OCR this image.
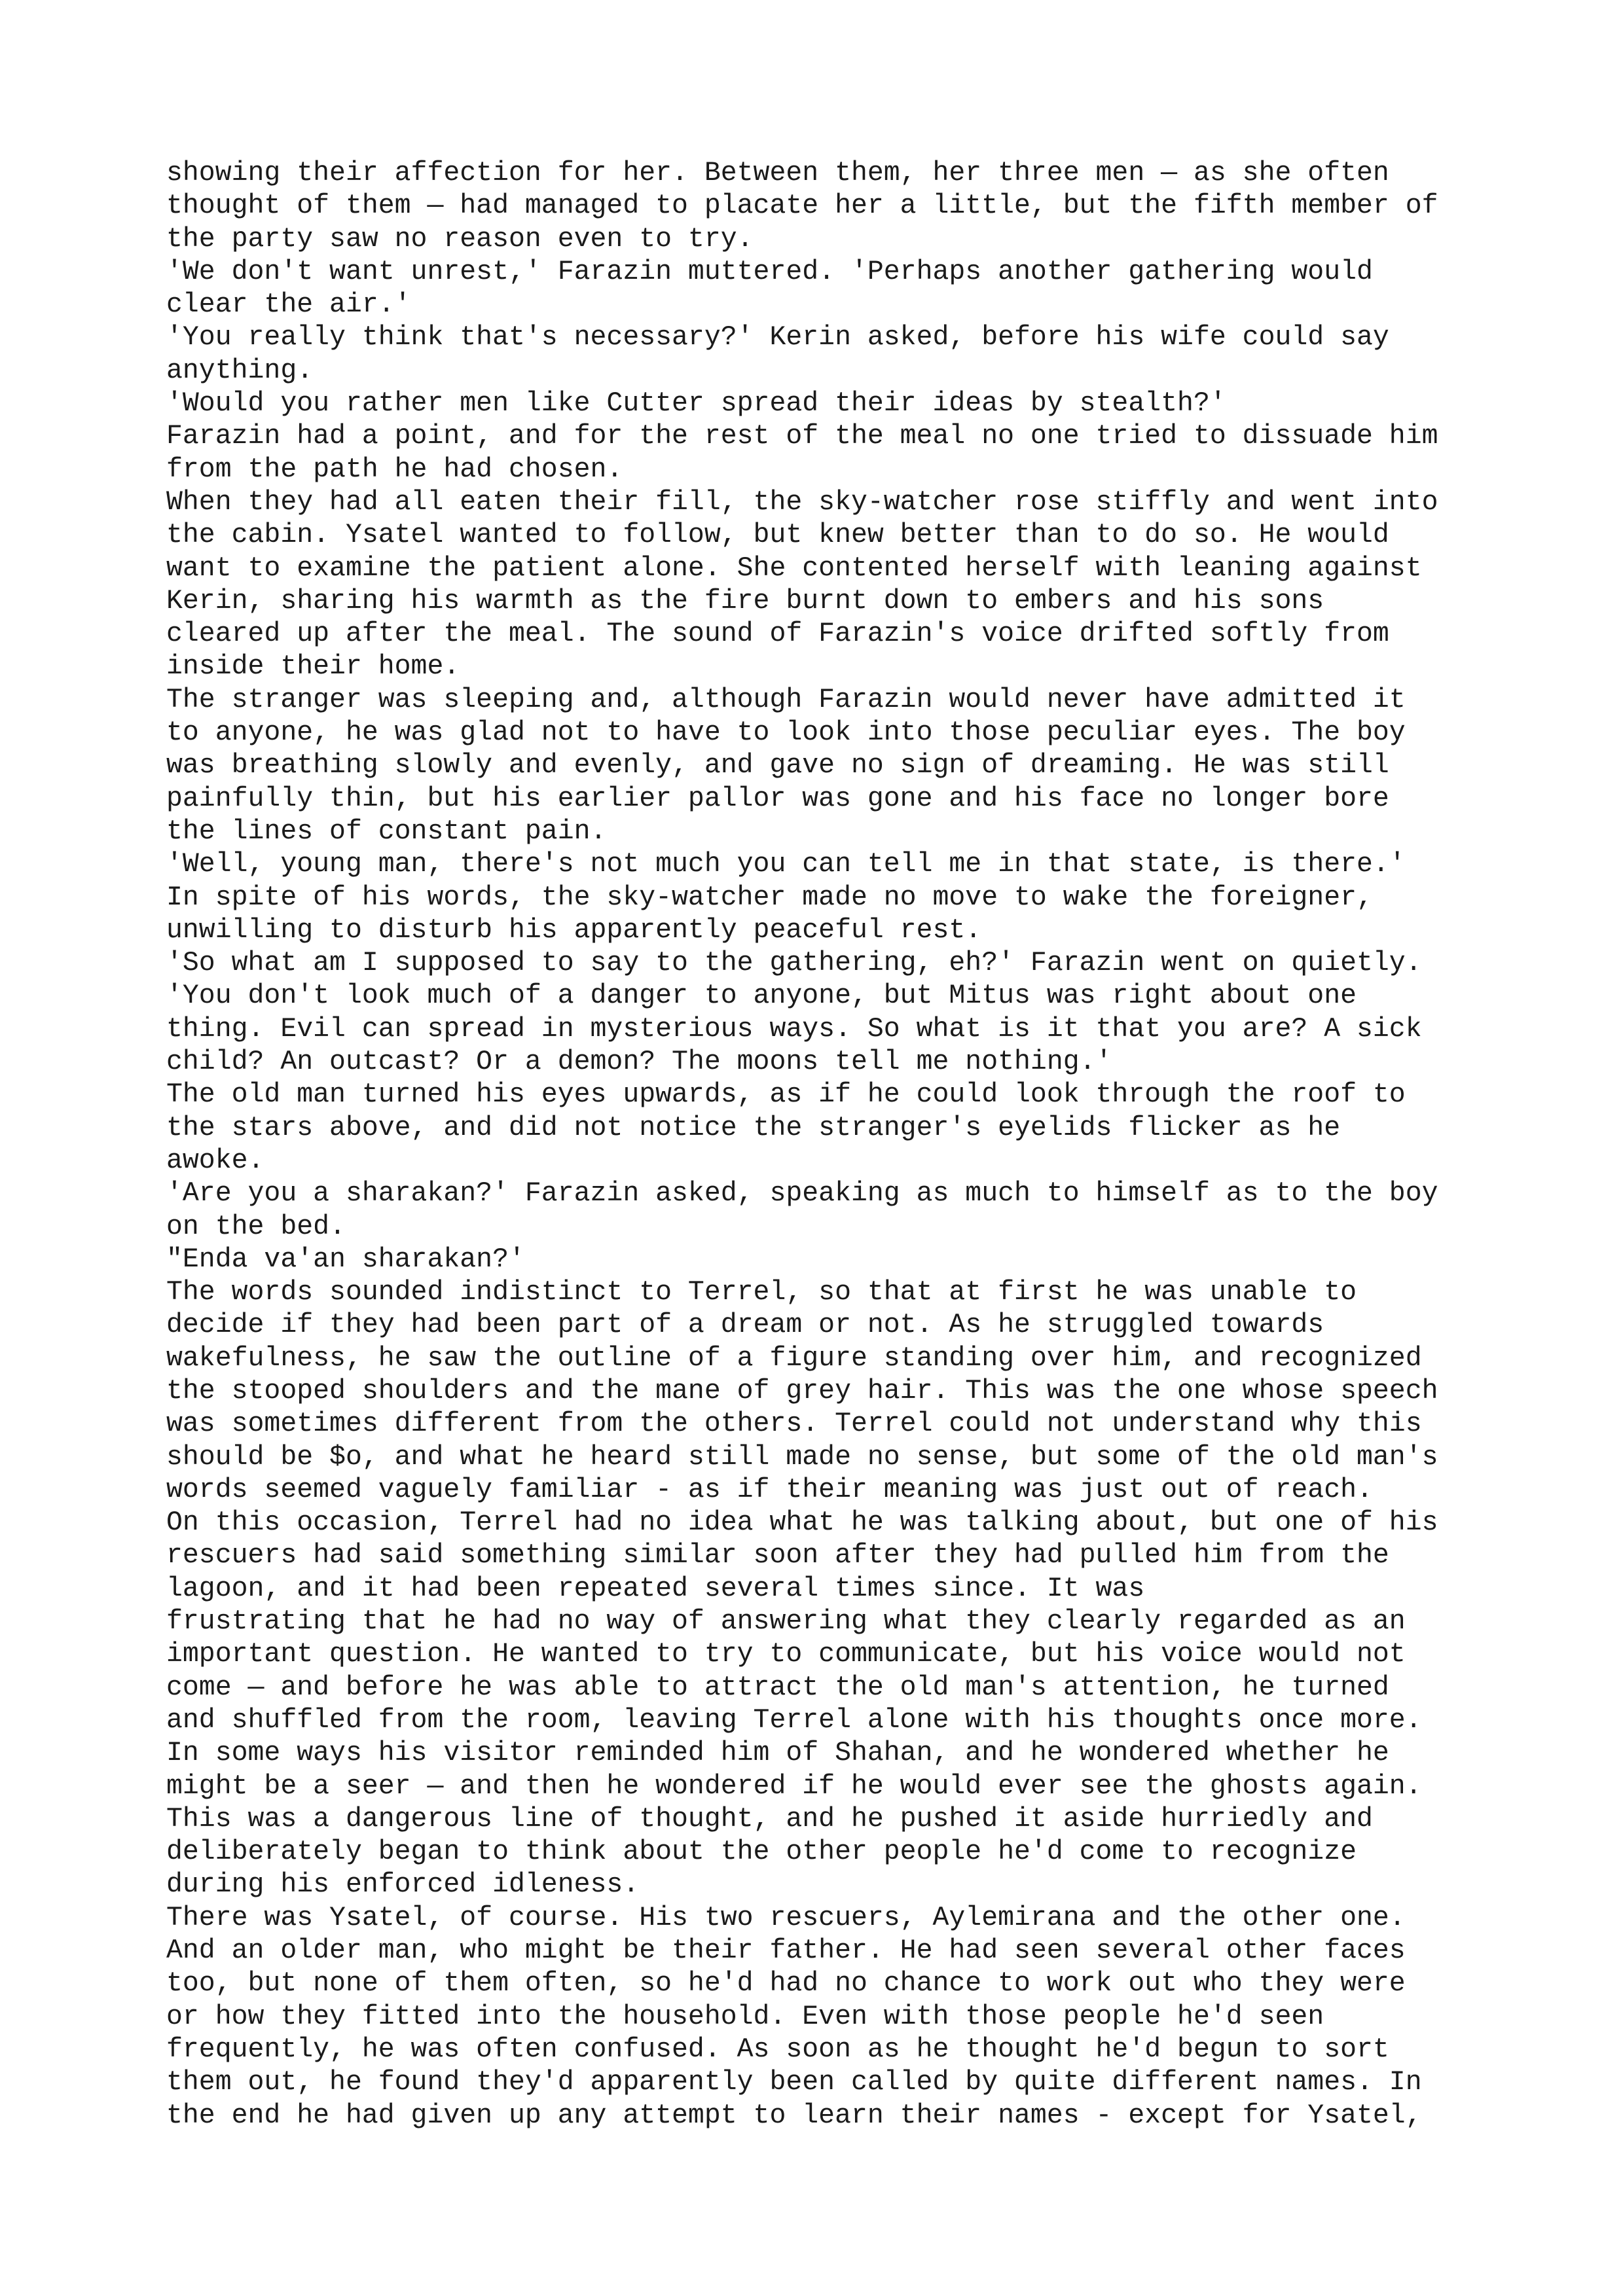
showing their affection for her. Between them, her three men — as she often
thought of them — had managed to placate her a little, but the fifth member of
the party saw no reason even to try.
'We don't want unrest,' Farazin muttered. 'Perhaps another gathering would
clear the air.'
'You really think that's necessary?' Kerin asked, before his wife could say
anything.
'Would you rather men like Cutter spread their ideas by stealth?'
Farazin had a point, and for the rest of the meal no one tried to dissuade him
from the path he had chosen.
When they had all eaten their fill, the sky-watcher rose stiffly and went into
the cabin. Ysatel wanted to follow, but knew better than to do so. He would
want to examine the patient alone. She contented herself with leaning against
Kerin, sharing his warmth as the fire burnt down to embers and his sons
cleared up after the meal. The sound of Farazin's voice drifted softly from
inside their home.
The stranger was sleeping and, although Farazin would never have admitted it
to anyone, he was glad not to have to look into those peculiar eyes. The boy
was breathing slowly and evenly, and gave no sign of dreaming. He was still
painfully thin, but his earlier pallor was gone and his face no longer bore
the lines of constant pain.
'Well, young man, there's not much you can tell me in that state, is there.'
In spite of his words, the sky-watcher made no move to wake the foreigner,
unwilling to disturb his apparently peaceful rest.
'So what am I supposed to say to the gathering, eh?' Farazin went on quietly.
'You don't look much of a danger to anyone, but Mitus was right about one
thing. Evil can spread in mysterious ways. So what is it that you are? A sick
child? An outcast? Or a demon? The moons tell me nothing.'
The old man turned his eyes upwards, as if he could look through the roof to
the stars above, and did not notice the stranger's eyelids flicker as he
awoke.
'Are you a sharakan?' Farazin asked, speaking as much to himself as to the boy
on the bed.
"Enda va'an sharakan?'
The words sounded indistinct to Terrel, so that at first he was unable to
decide if they had been part of a dream or not. As he struggled towards
wakefulness, he saw the outline of a figure standing over him, and recognized
the stooped shoulders and the mane of grey hair. This was the one whose speech
was sometimes different from the others. Terrel could not understand why this
should be $o, and what he heard still made no sense, but some of the old man's
words seemed vaguely familiar - as if their meaning was just out of reach.
On this occasion, Terrel had no idea what he was talking about, but one of his
rescuers had said something similar soon after they had pulled him from the
lagoon, and it had been repeated several times since. It was
frustrating that he had no way of answering what they clearly regarded as an
important question. He wanted to try to communicate, but his voice would not
come — and before he was able to attract the old man's attention, he turned
and shuffled from the room, leaving Terrel alone with his thoughts once more.
In some ways his visitor reminded him of Shahan, and he wondered whether he
might be a seer — and then he wondered if he would ever see the ghosts again.
This was a dangerous line of thought, and he pushed it aside hurriedly and
deliberately began to think about the other people he'd come to recognize
during his enforced idleness.
There was Ysatel, of course. His two rescuers, Aylemirana and the other one.
And an older man, who might be their father. He had seen several other faces
too, but none of them often, so he'd had no chance to work out who they were
or how they fitted into the household. Even with those people he'd seen
frequently, he was often confused. As soon as he thought he'd begun to sort
them out, he found they'd apparently been called by quite different names. In
the end he had given up any attempt to learn their names - except for Ysatel,
